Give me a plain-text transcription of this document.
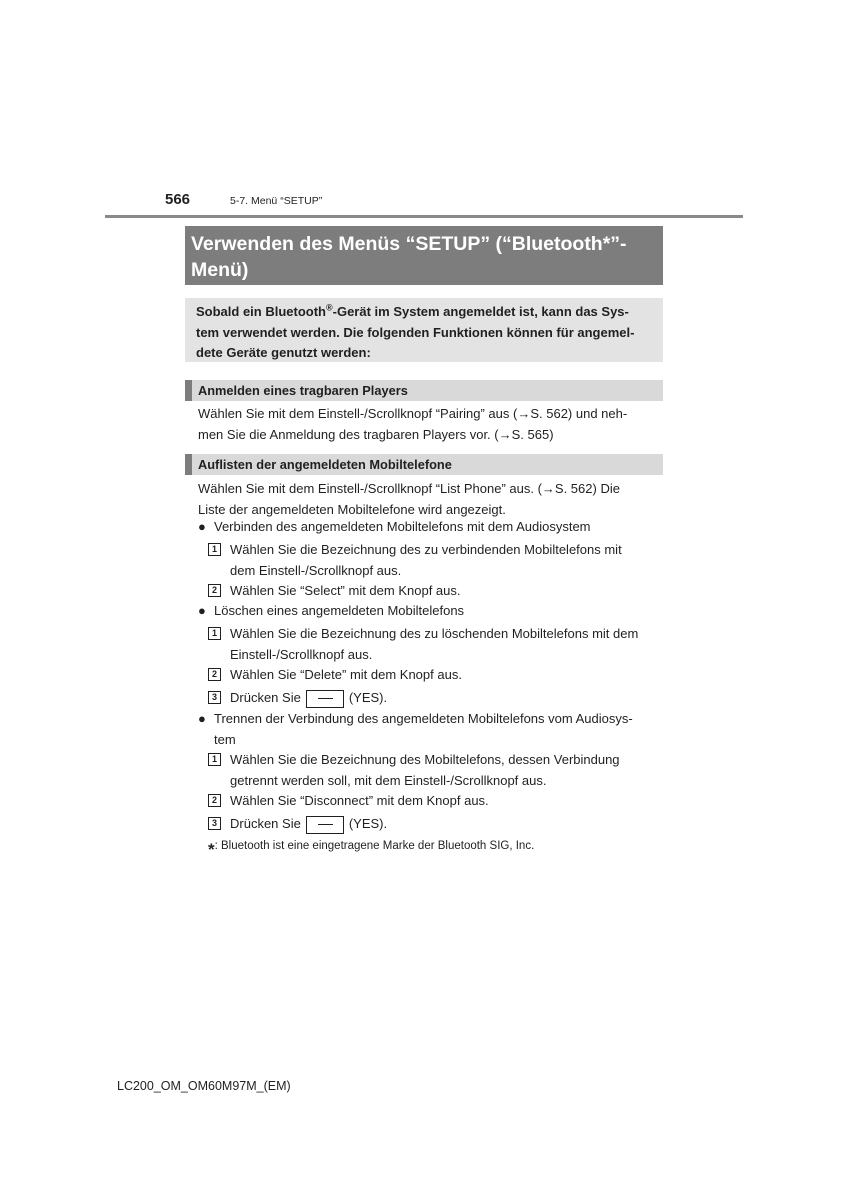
566	5-7. Menü “SETUP”
Verwenden des Menüs “SETUP” (“Bluetooth*”-
Menü)
Sobald ein Bluetooth®-Gerät im System angemeldet ist, kann das Sys-
tem verwendet werden. Die folgenden Funktionen können für angemel-
dete Geräte genutzt werden:
Anmelden eines tragbaren Players
Wählen Sie mit dem Einstell-/Scrollknopf “Pairing” aus (→S. 562) und neh-
men Sie die Anmeldung des tragbaren Players vor. (→S. 565)
Auflisten der angemeldeten Mobiltelefone
Wählen Sie mit dem Einstell-/Scrollknopf “List Phone” aus. (→S. 562) Die
Liste der angemeldeten Mobiltelefone wird angezeigt.
● Verbinden des angemeldeten Mobiltelefons mit dem Audiosystem
1	Wählen Sie die Bezeichnung des zu verbindenden Mobiltelefons mit
dem Einstell-/Scrollknopf aus.
2	Wählen Sie “Select” mit dem Knopf aus.
● Löschen eines angemeldeten Mobiltelefons
1	Wählen Sie die Bezeichnung des zu löschenden Mobiltelefons mit dem
Einstell-/Scrollknopf aus.
2	Wählen Sie “Delete” mit dem Knopf aus.
3	Drücken Sie	(YES).
● Trennen der Verbindung des angemeldeten Mobiltelefons vom Audiosys-
tem
1	Wählen Sie die Bezeichnung des Mobiltelefons, dessen Verbindung
getrennt werden soll, mit dem Einstell-/Scrollknopf aus.
2	Wählen Sie “Disconnect” mit dem Knopf aus.
3	Drücken Sie	(YES).
*: Bluetooth ist eine eingetragene Marke der Bluetooth SIG, Inc.
LC200_OM_OM60M97M_(EM)
